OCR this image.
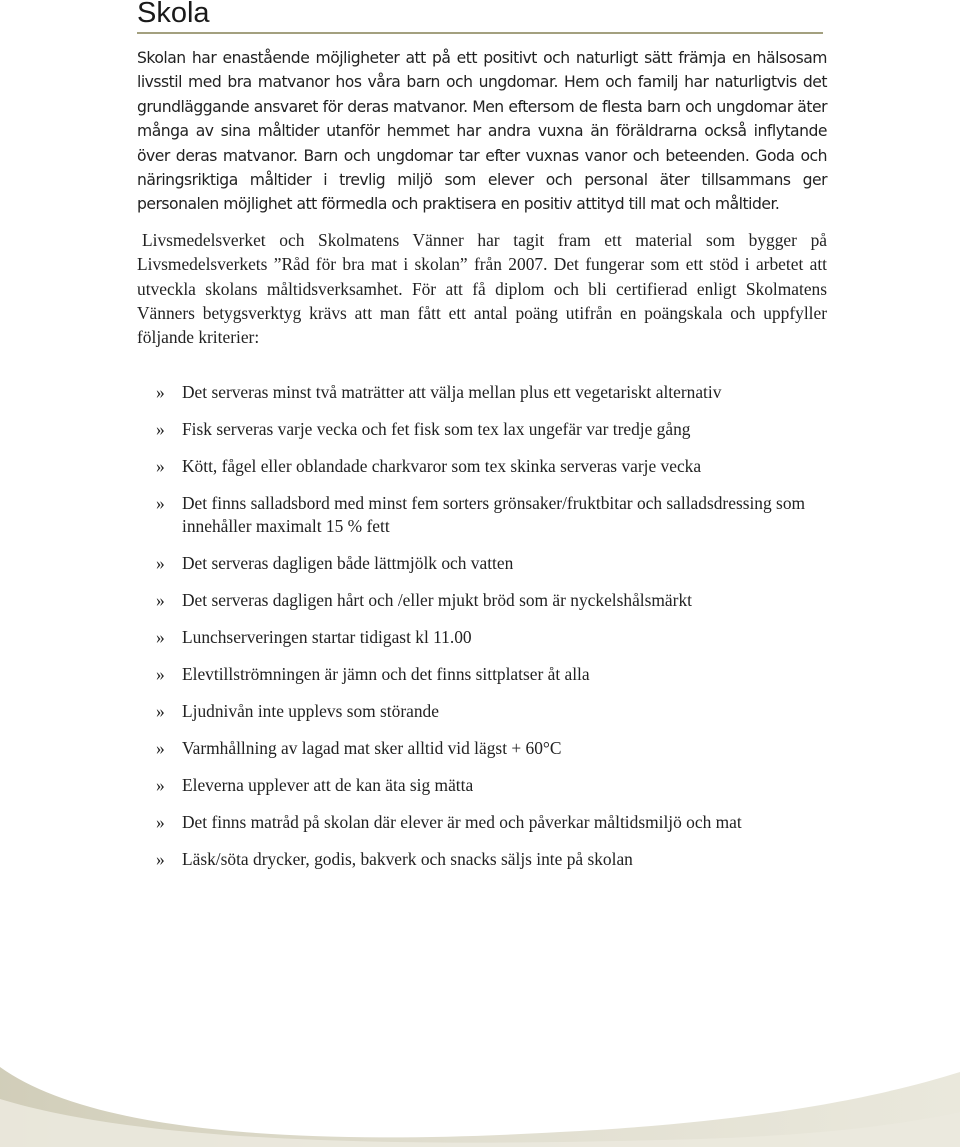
Skola

Skolan har enastående möjligheter att på ett positivt och naturligt sätt främja en hälsosam livsstil med bra matvanor hos våra barn och ungdomar. Hem och familj har naturligtvis det grundläggande ansvaret för deras matvanor. Men eftersom de flesta barn och ungdomar äter många av sina måltider utanför hemmet har andra vuxna än föräldrarna också inflytande över deras matvanor. Barn och ungdomar tar efter vuxnas vanor och beteenden. Goda och näringsriktiga måltider i trevlig miljö som elever och personal äter tillsammans ger personalen möjlighet att förmedla och praktisera en positiv attityd till mat och måltider.

Livsmedelsverket och Skolmatens Vänner har tagit fram ett material som bygger på Livsmedelsverkets ”Råd för bra mat i skolan” från 2007. Det fungerar som ett stöd i arbetet att utveckla skolans måltidsverksamhet. För att få diplom och bli certifierad enligt Skolmatens Vänners betygsverktyg krävs att man fått ett antal poäng utifrån en poängskala och uppfyller följande kriterier:

» Det serveras minst två maträtter att välja mellan plus ett vegetariskt alternativ
» Fisk serveras varje vecka och fet fisk som tex lax ungefär var tredje gång
» Kött, fågel eller oblandade charkvaror som tex skinka serveras varje vecka
» Det finns salladsbord med minst fem sorters grönsaker/fruktbitar och salladsdressing som innehåller maximalt 15 % fett
» Det serveras dagligen både lättmjölk och vatten
» Det serveras dagligen hårt och /eller mjukt bröd som är nyckelshålsmärkt
» Lunchserveringen startar tidigast kl 11.00
» Elevtillströmningen är jämn och det finns sittplatser åt alla
» Ljudnivån inte upplevs som störande
» Varmhållning av lagad mat sker alltid vid lägst + 60°C
» Eleverna upplever att de kan äta sig mätta
» Det finns matråd på skolan där elever är med och påverkar måltidsmiljö och mat
» Läsk/söta drycker, godis, bakverk och snacks säljs inte på skolan
